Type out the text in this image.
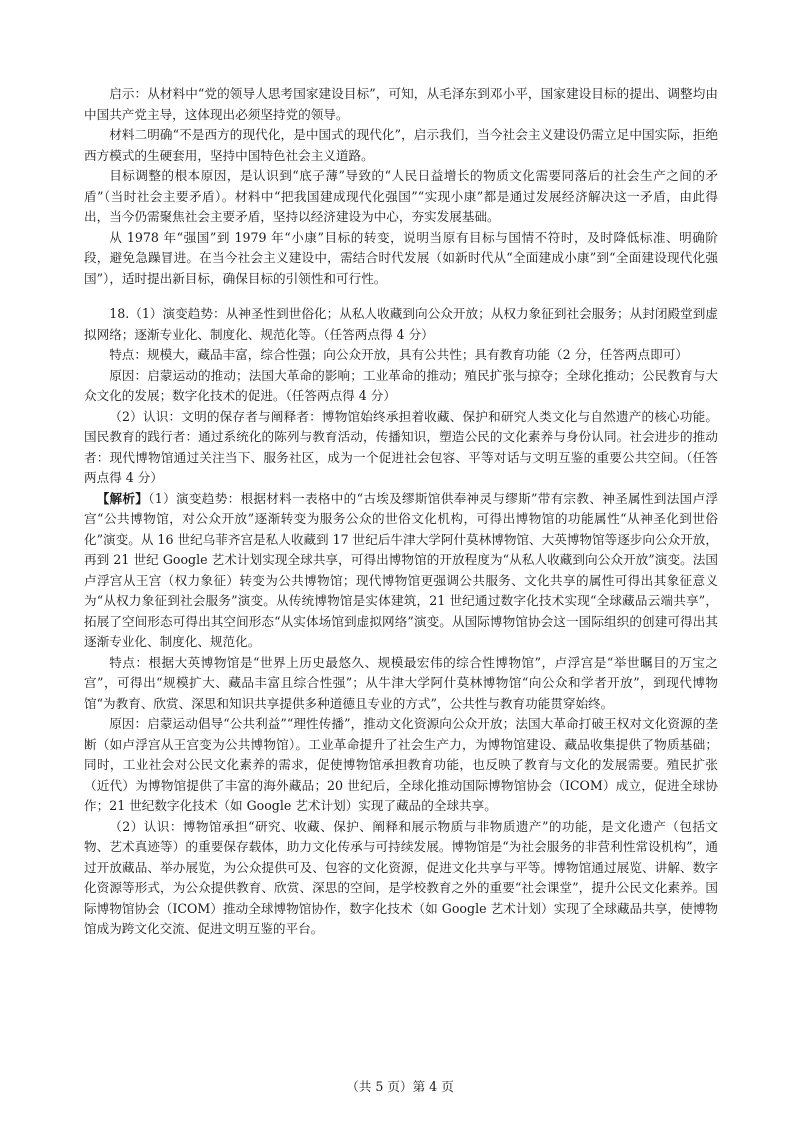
启示：从材料中“党的领导人思考国家建设目标”，可知，从毛泽东到邓小平，国家建设目标的提出、调整均由中国共产党主导，这体现出必须坚持党的领导。

材料二明确“不是西方的现代化，是中国式的现代化”，启示我们，当今社会主义建设仍需立足中国实际，拒绝西方模式的生硬套用，坚持中国特色社会主义道路。

目标调整的根本原因，是认识到“底子薄”导致的“人民日益增长的物质文化需要同落后的社会生产之间的矛盾”（当时社会主要矛盾）。材料中“把我国建成现代化强国”“实现小康”都是通过发展经济解决这一矛盾，由此得出，当今仍需聚焦社会主要矛盾，坚持以经济建设为中心，夯实发展基础。

从 1978 年“强国”到 1979 年“小康”目标的转变，说明当原有目标与国情不符时，及时降低标准、明确阶段，避免急躁冒进。在当今社会主义建设中，需结合时代发展（如新时代从“全面建成小康”到“全面建设现代化强国”），适时提出新目标，确保目标的引领性和可行性。

18.（1）演变趋势：从神圣性到世俗化；从私人收藏到向公众开放；从权力象征到社会服务；从封闭殿堂到虚拟网络；逐渐专业化、制度化、规范化等。（任答两点得 4 分）

特点：规模大，藏品丰富，综合性强；向公众开放，具有公共性；具有教育功能（2 分，任答两点即可）

原因：启蒙运动的推动；法国大革命的影响；工业革命的推动；殖民扩张与掠夺；全球化推动；公民教育与大众文化的发展；数字化技术的促进。（任答两点得 4 分）

（2）认识：文明的保存者与阐释者：博物馆始终承担着收藏、保护和研究人类文化与自然遗产的核心功能。国民教育的践行者：通过系统化的陈列与教育活动，传播知识，塑造公民的文化素养与身份认同。社会进步的推动者：现代博物馆通过关注当下、服务社区，成为一个促进社会包容、平等对话与文明互鉴的重要公共空间。（任答两点得 4 分）

【解析】（1）演变趋势：根据材料一表格中的“古埃及缪斯馆供奉神灵与缪斯”带有宗教、神圣属性到法国卢浮宫“公共博物馆，对公众开放”逐渐转变为服务公众的世俗文化机构，可得出博物馆的功能属性“从神圣化到世俗化”演变。从 16 世纪乌菲齐宫是私人收藏到 17 世纪后牛津大学阿什莫林博物馆、大英博物馆等逐步向公众开放，再到 21 世纪 Google 艺术计划实现全球共享，可得出博物馆的开放程度为“从私人收藏到向公众开放”演变。法国卢浮宫从王宫（权力象征）转变为公共博物馆；现代博物馆更强调公共服务、文化共享的属性可得出其象征意义为“从权力象征到社会服务”演变。从传统博物馆是实体建筑，21 世纪通过数字化技术实现“全球藏品云端共享”，拓展了空间形态可得出其空间形态“从实体场馆到虚拟网络”演变。从国际博物馆协会这一国际组织的创建可得出其逐渐专业化、制度化、规范化。

特点：根据大英博物馆是“世界上历史最悠久、规模最宏伟的综合性博物馆”，卢浮宫是“举世瞩目的万宝之宫”，可得出“规模扩大、藏品丰富且综合性强”；从牛津大学阿什莫林博物馆“向公众和学者开放”，到现代博物馆“为教育、欣赏、深思和知识共享提供多种道德且专业的方式”，公共性与教育功能贯穿始终。

原因：启蒙运动倡导“公共利益”“理性传播”，推动文化资源向公众开放；法国大革命打破王权对文化资源的垄断（如卢浮宫从王宫变为公共博物馆）。工业革命提升了社会生产力，为博物馆建设、藏品收集提供了物质基础；同时，工业社会对公民文化素养的需求，促使博物馆承担教育功能，也反映了教育与文化的发展需要。殖民扩张（近代）为博物馆提供了丰富的海外藏品；20 世纪后，全球化推动国际博物馆协会（ICOM）成立，促进全球协作；21 世纪数字化技术（如 Google 艺术计划）实现了藏品的全球共享。

（2）认识：博物馆承担“研究、收藏、保护、阐释和展示物质与非物质遗产”的功能，是文化遗产（包括文物、艺术真迹等）的重要保存载体，助力文化传承与可持续发展。博物馆是“为社会服务的非营利性常设机构”，通过开放藏品、举办展览，为公众提供可及、包容的文化资源，促进文化共享与平等。博物馆通过展览、讲解、数字化资源等形式，为公众提供教育、欣赏、深思的空间，是学校教育之外的重要“社会课堂”，提升公民文化素养。国际博物馆协会（ICOM）推动全球博物馆协作，数字化技术（如 Google 艺术计划）实现了全球藏品共享，使博物馆成为跨文化交流、促进文明互鉴的平台。

（共 5 页）第 4 页
